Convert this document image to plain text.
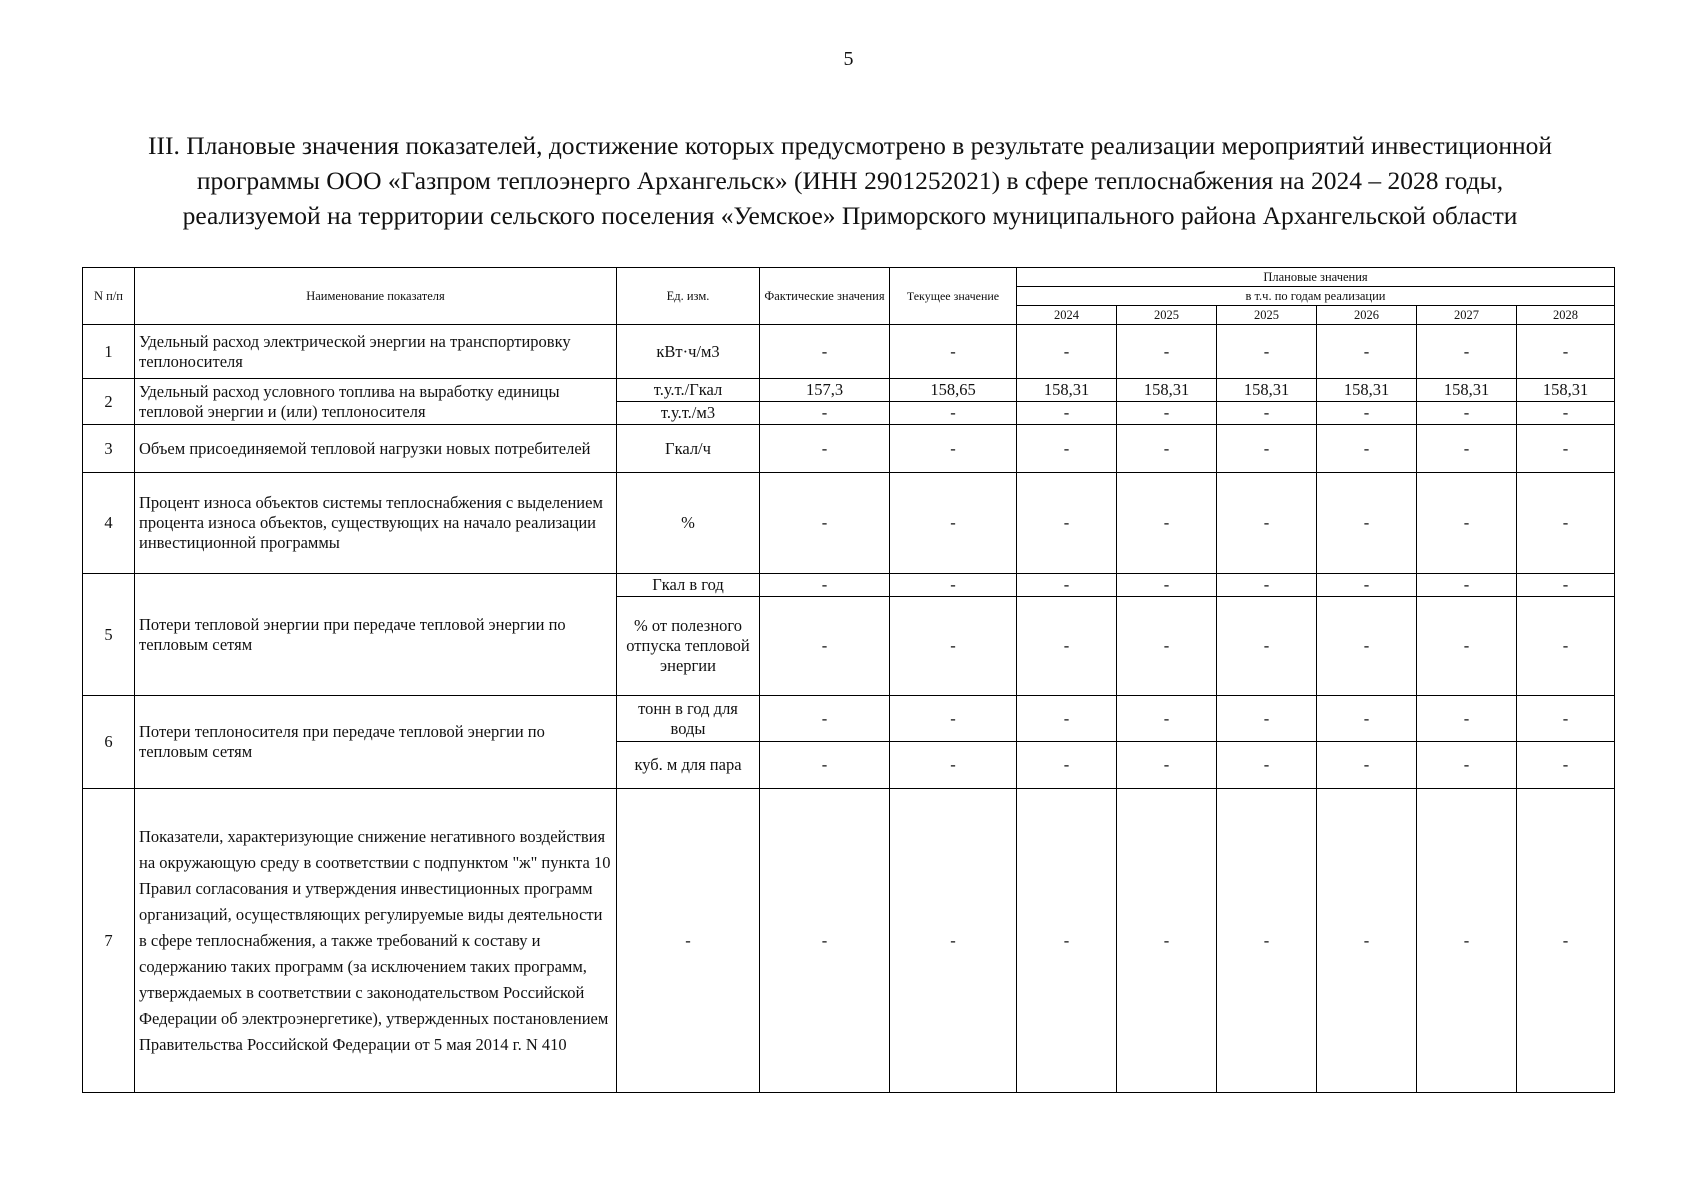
5
III. Плановые значения показателей, достижение которых предусмотрено в результате реализации мероприятий инвестиционной
программы ООО «Газпром теплоэнерго Архангельск» (ИНН 2901252021) в сфере теплоснабжения на 2024 – 2028 годы,
реализуемой на территории сельского поселения «Уемское» Приморского муниципального района Архангельской области
N п/п	Наименование показателя	Ед. изм.	Фактические значения	Текущее значение	Плановые значения					
					в т.ч. по годам реализации					
					2024	2025	2025	2026	2027	2028
1	Удельный расход электрической энергии на транспортировку теплоносителя	кВт·ч/м3	-	-	-	-	-	-	-	-
2	Удельный расход условного топлива на выработку единицы тепловой энергии и (или) теплоносителя	т.у.т./Гкал	157,3	158,65	158,31	158,31	158,31	158,31	158,31	158,31
		т.у.т./м3	-	-	-	-	-	-	-	-
3	Объем присоединяемой тепловой нагрузки новых потребителей	Гкал/ч	-	-	-	-	-	-	-	-
4	Процент износа объектов системы теплоснабжения с выделением процента износа объектов, существующих на начало реализации инвестиционной программы	%	-	-	-	-	-	-	-	-
5	Потери тепловой энергии при передаче тепловой энергии по тепловым сетям	Гкал в год	-	-	-	-	-	-	-	-
		% от полезного отпуска тепловой энергии	-	-	-	-	-	-	-	-
6	Потери теплоносителя при передаче тепловой энергии по тепловым сетям	тонн в год для воды	-	-	-	-	-	-	-	-
		куб. м для пара	-	-	-	-	-	-	-	-
7	Показатели, характеризующие снижение негативного воздействия на окружающую среду в соответствии с подпунктом "ж" пункта 10 Правил согласования и утверждения инвестиционных программ организаций, осуществляющих регулируемые виды деятельности в сфере теплоснабжения, а также требований к составу и содержанию таких программ (за исключением таких программ, утверждаемых в соответствии с законодательством Российской Федерации об электроэнергетике), утвержденных постановлением Правительства Российской Федерации от 5 мая 2014 г. N 410	-	-	-	-	-	-	-	-	-
